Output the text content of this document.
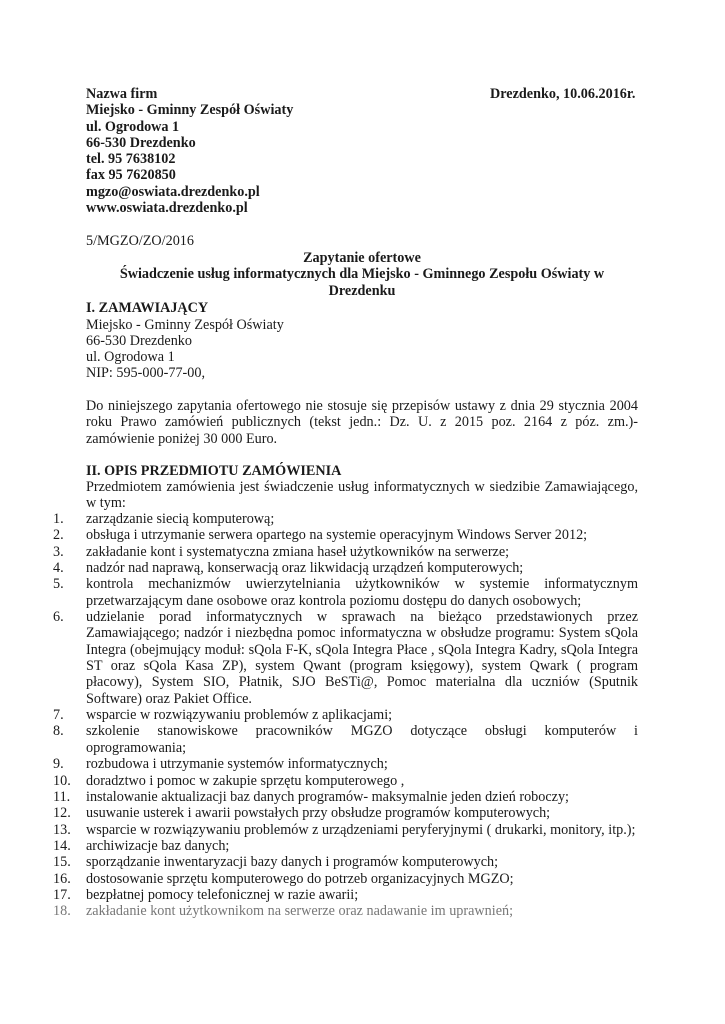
Nazwa firm
Miejsko - Gminny Zespół Oświaty
ul. Ogrodowa 1
66-530 Drezdenko
tel. 95 7638102
fax 95 7620850
mgzo@oswiata.drezdenko.pl
www.oswiata.drezdenko.pl
Drezdenko, 10.06.2016r.
5/MGZO/ZO/2016
Zapytanie ofertowe
Świadczenie usług informatycznych dla Miejsko - Gminnego Zespołu Oświaty w
Drezdenku
I. ZAMAWIAJĄCY
Miejsko - Gminny Zespół Oświaty
66-530 Drezdenko
ul. Ogrodowa 1
NIP: 595-000-77-00,
Do niniejszego zapytania ofertowego nie stosuje się przepisów ustawy z dnia 29 stycznia 2004 roku Prawo zamówień publicznych (tekst jedn.: Dz. U. z 2015 poz. 2164 z póz. zm.)- zamówienie poniżej 30 000 Euro.
II. OPIS PRZEDMIOTU ZAMÓWIENIA
Przedmiotem zamówienia jest świadczenie usług informatycznych w siedzibie Zamawiającego, w tym:
1.	zarządzanie siecią komputerową;
2.	obsługa i utrzymanie serwera opartego na systemie operacyjnym Windows Server 2012;
3.	zakładanie kont i systematyczna zmiana haseł użytkowników na serwerze;
4.	nadzór nad naprawą, konserwacją oraz likwidacją urządzeń komputerowych;
5.	kontrola mechanizmów uwierzytelniania użytkowników w systemie informatycznym przetwarzającym dane osobowe oraz kontrola poziomu dostępu do danych osobowych;
6.	udzielanie porad informatycznych w sprawach na bieżąco przedstawionych przez Zamawiającego; nadzór i niezbędna pomoc informatyczna w obsłudze programu: System sQola Integra (obejmujący moduł: sQola F-K, sQola Integra Płace , sQola Integra Kadry, sQola Integra ST oraz sQola Kasa ZP), system Qwant (program księgowy), system Qwark ( program płacowy), System SIO, Płatnik, SJO BeSTi@, Pomoc materialna dla uczniów (Sputnik Software) oraz Pakiet Office.
7.	wsparcie w rozwiązywaniu problemów z aplikacjami;
8.	szkolenie stanowiskowe pracowników MGZO dotyczące obsługi komputerów i oprogramowania;
9.	rozbudowa i utrzymanie systemów informatycznych;
10.	doradztwo i pomoc w zakupie sprzętu komputerowego ,
11.	instalowanie aktualizacji baz danych programów- maksymalnie jeden dzień roboczy;
12.	usuwanie usterek i awarii powstałych przy obsłudze programów komputerowych;
13.	wsparcie w rozwiązywaniu problemów z urządzeniami peryferyjnymi ( drukarki, monitory, itp.);
14.	archiwizacje baz danych;
15.	sporządzanie inwentaryzacji bazy danych i programów komputerowych;
16.	dostosowanie sprzętu komputerowego do potrzeb organizacyjnych MGZO;
17.	bezpłatnej pomocy telefonicznej w razie awarii;
18.	zakładanie kont użytkownikom na serwerze oraz nadawanie im uprawnień;
